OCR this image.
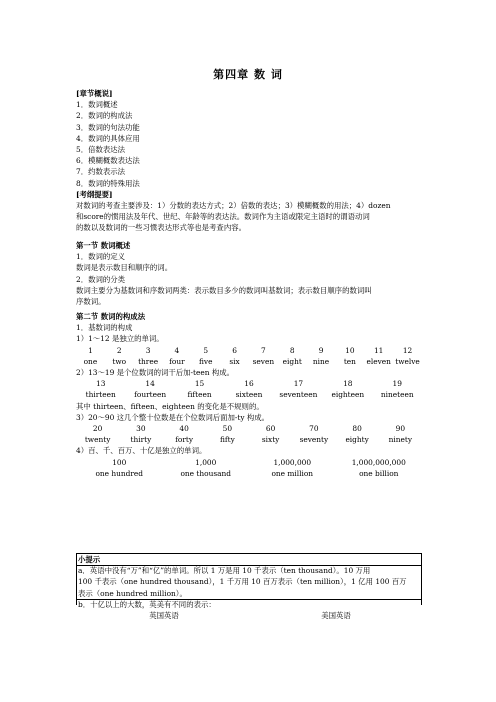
第四章 数 词

[章节概说]

1．数词概述

2．数词的构成法

3．数词的句法功能

4．数词的具体应用

5．倍数表达法

6．模糊概数表达法

7．约数表示法

8．数词的特殊用法

[考纲提要]

对数词的考查主要涉及：1）分数的表达方式；2）倍数的表达；3）模糊概数的用法；4）dozen

和score的惯用法及年代、世纪、年龄等的表达法。数词作为主语或限定主语时的谓语动词

的数以及数词的一些习惯表达形式等也是考查内容。

第一节 数词概述

1．数词的定义

数词是表示数目和顺序的词。

2．数词的分类

数词主要分为基数词和序数词两类：表示数目多少的数词叫基数词；表示数目顺序的数词叫

序数词。

第二节 数词的构成法

1．基数词的构成

1）1～12 是独立的单词。

1	2	3	4	5	6	7	8	9	10	11	12
one	two	three	four	five	six	seven	eight	nine	ten	eleven twelve

2）13～19 是个位数词的词干后加-teen 构成。

13	14	15	16	17	18	19
thirteen	fourteen	fifteen	sixteen	seventeen	eighteen	nineteen

其中 thirteen、fifteen、eighteen 的变化是不规则的。

3）20～90 这几个整十位数是在个位数词后面加-ty 构成。

20	30	40	50	60	70	80	90
twenty	thirty	forty	fifty	sixty	seventy	eighty	ninety

4）百、千、百万、十亿是独立的单词。

100	1,000	1,000,000	1,000,000,000
one hundred	one thousand	one million	one billion

小提示

a．英语中没有“万”和“亿”的单词。所以 1 万是用 10 千表示（ten thousand）。10 万用

100 千表示（one hundred thousand），1 千万用 10 百万表示（ten million），1 亿用 100 百万

表示（one hundred million）。

b．十亿以上的大数，英美有不同的表示：

英国英语	美国英语
